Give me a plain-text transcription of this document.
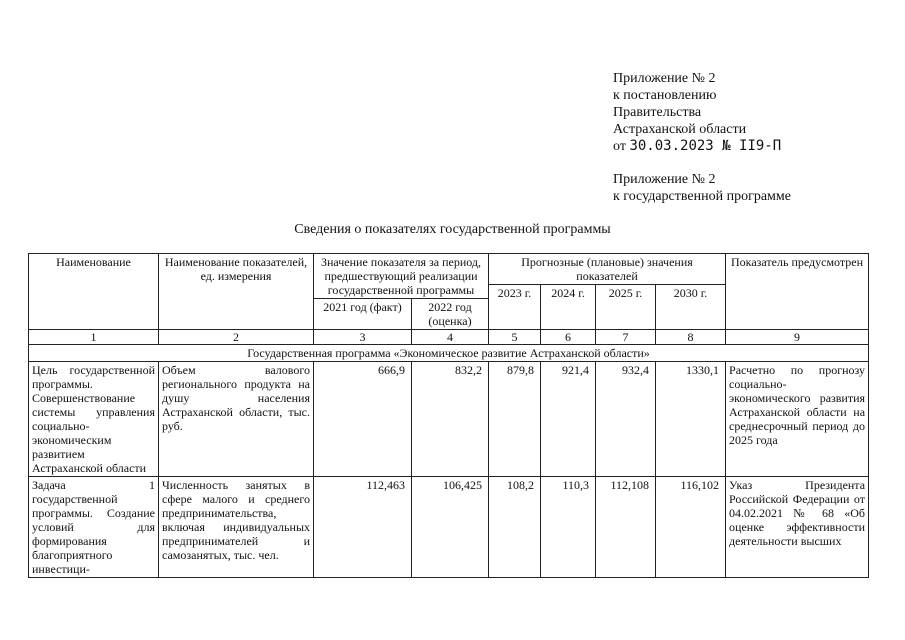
Приложение № 2
к постановлению
Правительства
Астраханской области
от 30.03.2023 № II9-П
Приложение № 2
к государственной программе
Сведения о показателях государственной программы
Наименование	Наименование показателей, ед. измерения	Значение показателя за период, предшествующий реализации государственной программы		Прогнозные (плановые) значения показателей				Показатель предусмотрен
				2023 г.	2024 г.	2025 г.	2030 г.	
		2021 год (факт)	2022 год (оценка)					
1	2	3	4	5	6	7	8	9
Государственная программа «Экономическое развитие Астраханской области»								
Цель государственной программы. Совершенствование системы управления социально-экономическим развитием Астраханской области	Объем валового регионального продукта на душу населения Астраханской области, тыс. руб.	666,9	832,2	879,8	921,4	932,4	1330,1	Расчетно по прогнозу социально-экономического развития Астраханской области на среднесрочный период до 2025 года
Задача 1 государственной программы. Создание условий для формирования благоприятного инвестици-	Численность занятых в сфере малого и среднего предпринимательства, включая индивидуальных предпринимателей и самозанятых, тыс. чел.	112,463	106,425	108,2	110,3	112,108	116,102	Указ Президента Российской Федерации от 04.02.2021 № 68 «Об оценке эффективности деятельности высших
